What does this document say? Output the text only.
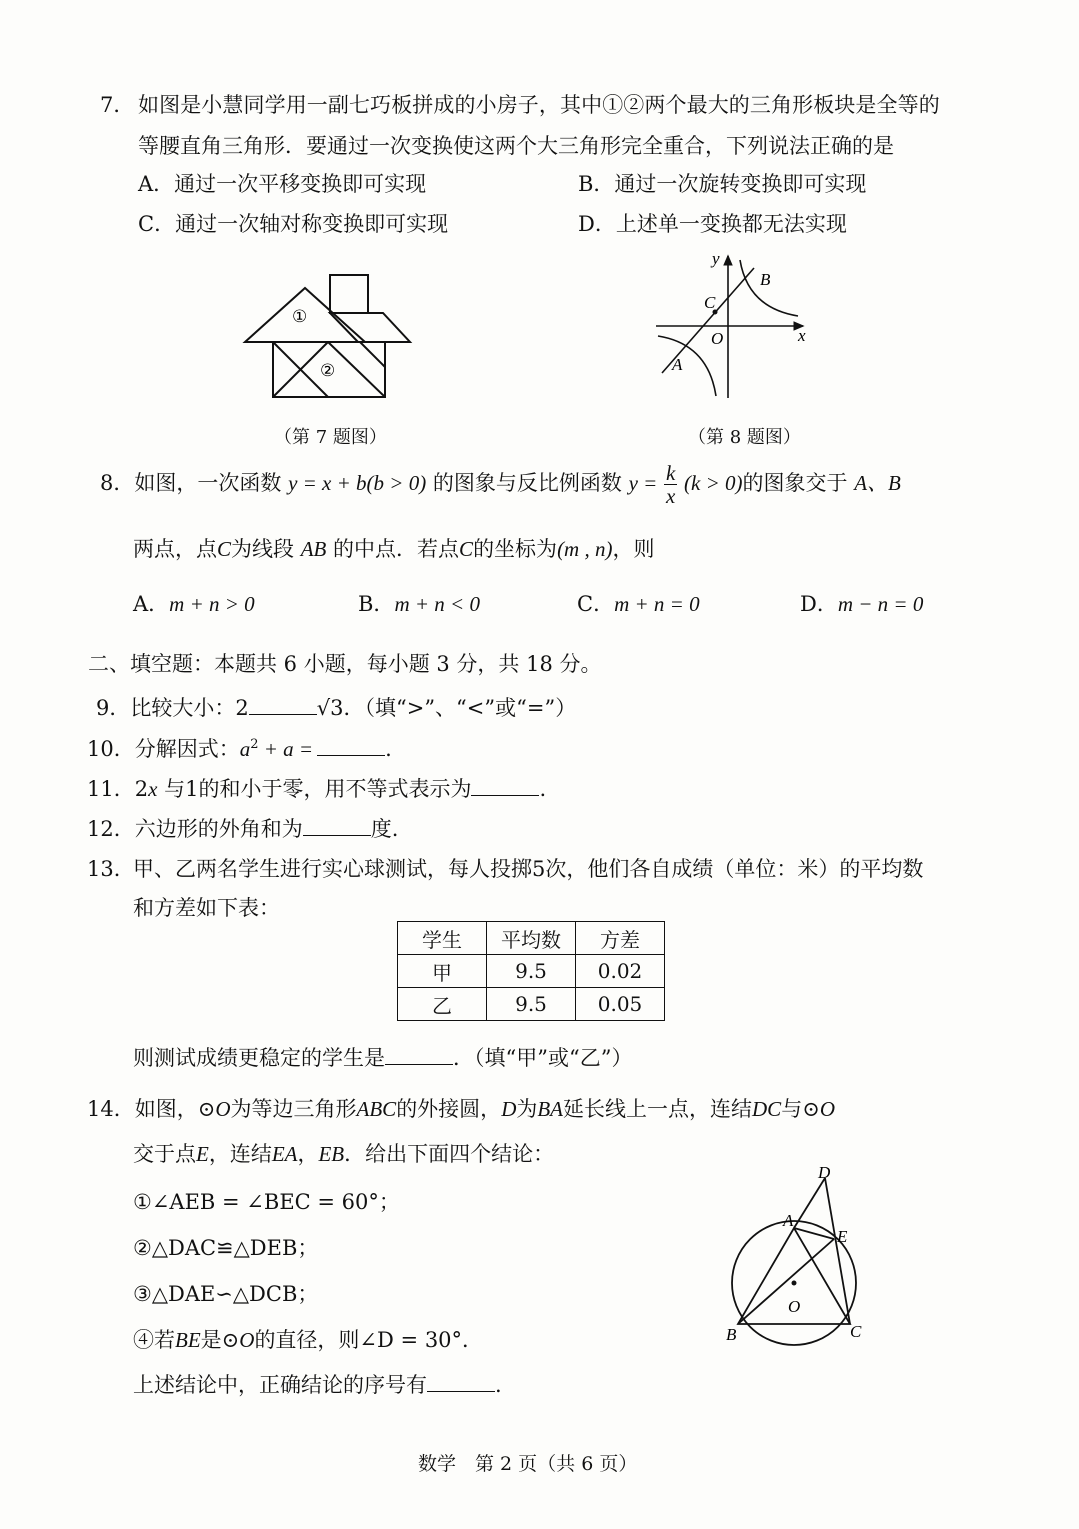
7． 如图是小慧同学用一副七巧板拼成的小房子，其中①②两个最大的三角形板块是全等的
等腰直角三角形．要通过一次变换使这两个大三角形完全重合，下列说法正确的是
A．通过一次平移变换即可实现	B．通过一次旋转变换即可实现
C．通过一次轴对称变换即可实现	D．上述单一变换都无法实现
①
②
（第 7 题图）
y
x
O
A
B
C
（第 8 题图）
8．如图，一次函数 y = x + b(b > 0) 的图象与反比例函数 $y = \frac{k}{x} (k > 0)$的图象交于 A、B
两点，点C为线段 AB 的中点．若点C的坐标为(m , n)，则
A．m + n > 0	B．m + n < 0	C．m + n = 0	D．m − n = 0
二、填空题：本题共 6 小题，每小题 3 分，共 18 分。
9．比较大小：2	√3．（填“>”、“<”或“=”）
10．分解因式：$a^2 + a$ =	.
11．2x 与1的和小于零，用不等式表示为	.
12．六边形的外角和为	度.
13．
甲、乙两名学生进行实心球测试，每人投掷5次，他们各自成绩（单位：米）的平均数
和方差如下表：
学生	平均数	方差
甲	9.5	0.02
乙	9.5	0.05
则测试成绩更稳定的学生是	．（填“甲”或“乙”）
14．如图，⊙O为等边三角形ABC的外接圆，D为BA延长线上一点，连结DC与⊙O
交于点E，连结EA，EB．给出下面四个结论：
①∠AEB = ∠BEC = 60°；
②△DAC≌△DEB；
③△DAE∽△DCB；
④若BE是⊙O的直径，则∠D = 30°．
上述结论中，正确结论的序号有	.
D
A
E
O
B	C
数学　第 2 页（共 6 页）
